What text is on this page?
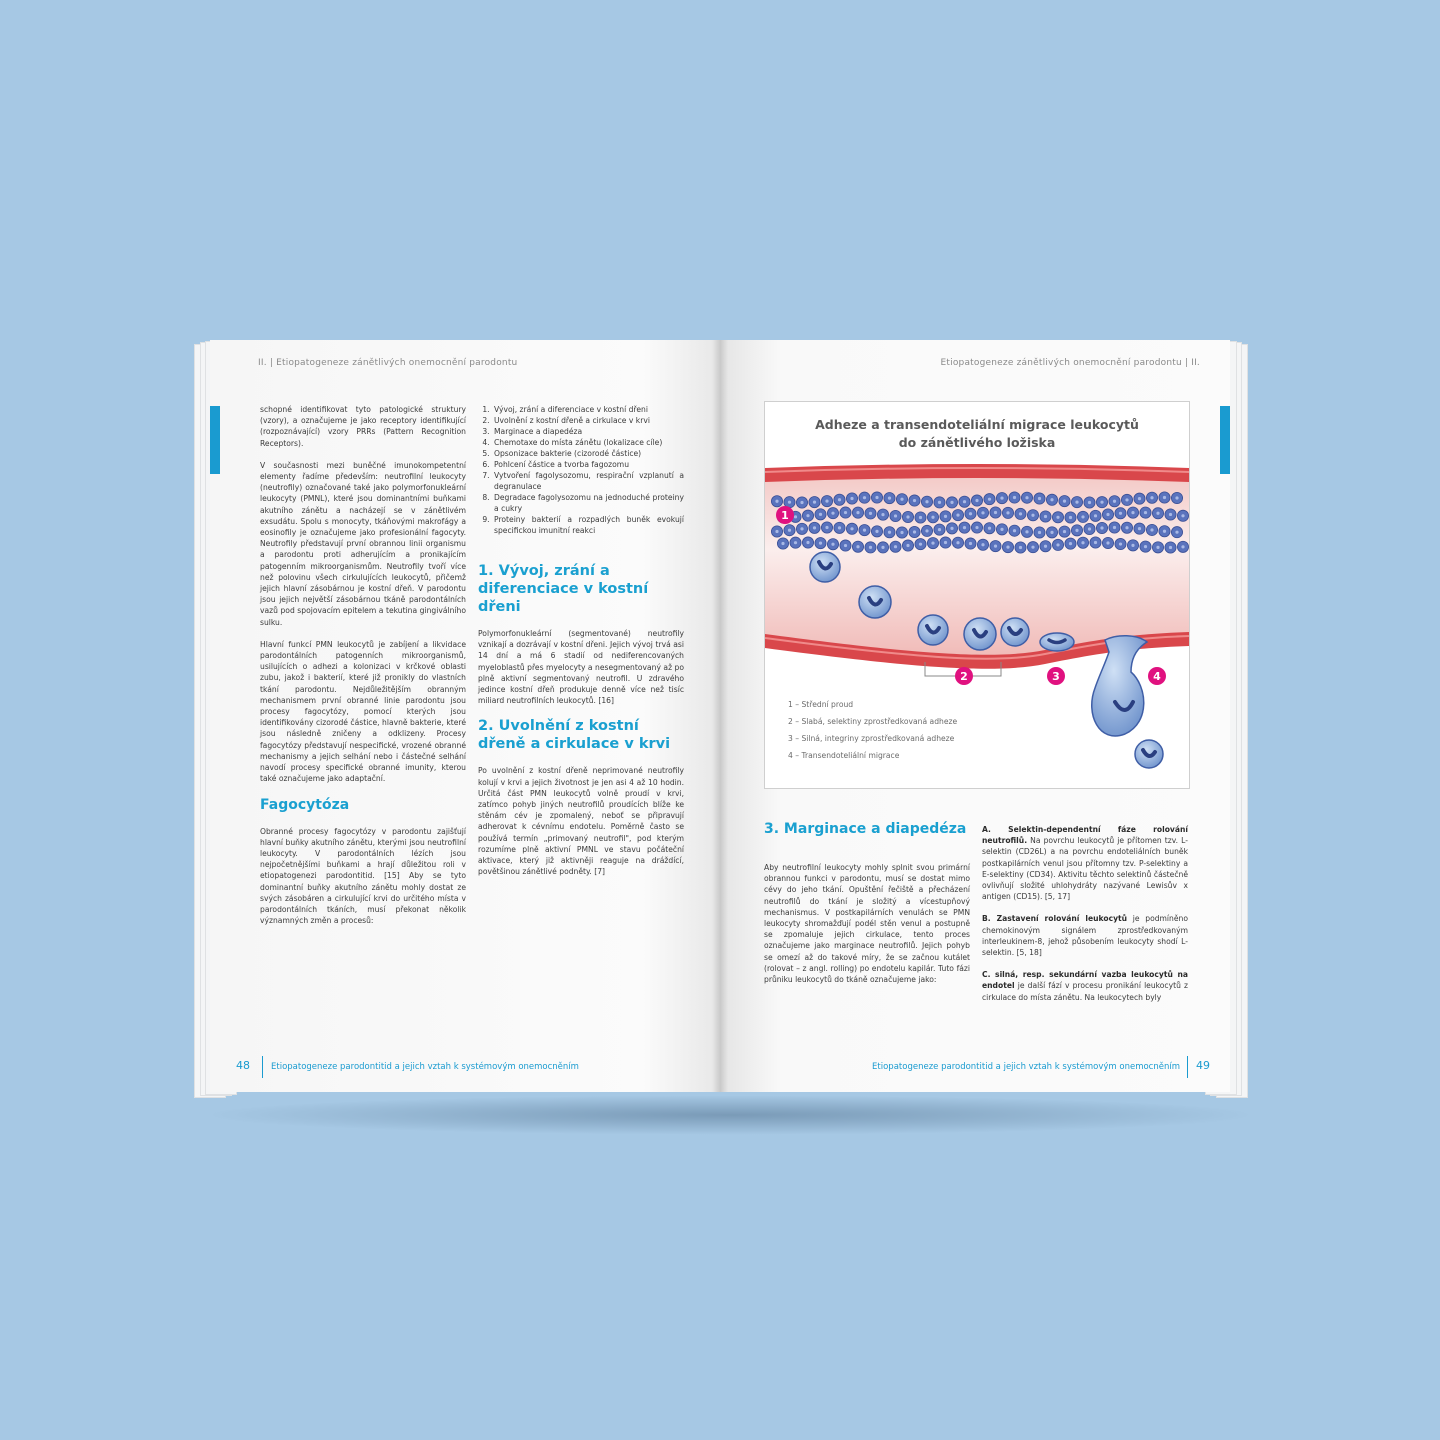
II. | Etiopatogeneze zánětlivých onemocnění parodontu

schopné identifikovat tyto patologické struktury (vzory), a označujeme je jako receptory identifikující (rozpoznávající) vzory PRRs (Pattern Recognition Receptors).

V současnosti mezi buněčné imunokompetentní elementy řadíme především: neutrofilní leukocyty (neutrofily) označované také jako polymorfonukleární leukocyty (PMNL), které jsou dominantními buňkami akutního zánětu a nacházejí se v zánětlivém exsudátu. Spolu s monocyty, tkáňovými makrofágy a eosinofily je označujeme jako profesionální fagocyty. Neutrofily představují první obrannou linii organismu a parodontu proti adherujícím a pronikajícím patogenním mikroorganismům. Neutrofily tvoří více než polovinu všech cirkulujících leukocytů, přičemž jejich hlavní zásobárnou je kostní dřeň. V parodontu jsou jejich největší zásobárnou tkáně parodontálních vazů pod spojovacím epitelem a tekutina gingiválního sulku.

Hlavní funkcí PMN leukocytů je zabíjení a likvidace parodontálních patogenních mikroorganismů, usilujících o adhezi a kolonizaci v krčkové oblasti zubu, jakož i bakterií, které již pronikly do vlastních tkání parodontu. Nejdůležitějším obranným mechanismem první obranné linie parodontu jsou procesy fagocytózy, pomocí kterých jsou identifikovány cizorodé částice, hlavně bakterie, které jsou následně zničeny a odklizeny. Procesy fagocytózy představují nespecifické, vrozené obranné mechanismy a jejich selhání nebo i částečné selhání navodí procesy specifické obranné imunity, kterou také označujeme jako adaptační.

Fagocytóza

Obranné procesy fagocytózy v parodontu zajišťují hlavní buňky akutního zánětu, kterými jsou neutrofilní leukocyty. V parodontálních lézích jsou nejpočetnějšími buňkami a hrají důležitou roli v etiopatogenezi parodontitid. [15] Aby se tyto dominantní buňky akutního zánětu mohly dostat ze svých zásobáren a cirkulující krvi do určitého místa v parodontálních tkáních, musí překonat několik významných změn a procesů:

1. Vývoj, zrání a diferenciace v kostní dřeni
2. Uvolnění z kostní dřeně a cirkulace v krvi
3. Marginace a diapedéza
4. Chemotaxe do místa zánětu (lokalizace cíle)
5. Opsonizace bakterie (cizorodé částice)
6. Pohlcení částice a tvorba fagozomu
7. Vytvoření fagolysozomu, respirační vzplanutí a degranulace
8. Degradace fagolysozomu na jednoduché proteiny a cukry
9. Proteiny bakterií a rozpadlých buněk evokují specifickou imunitní reakci
1. Vývoj, zrání a diferenciace v kostní dřeni

Polymorfonukleární (segmentované) neutrofily vznikají a dozrávají v kostní dřeni. Jejich vývoj trvá asi 14 dní a má 6 stadií od nediferencovaných myeloblastů přes myelocyty a nesegmentovaný až po plně aktivní segmentovaný neutrofil. U zdravého jedince kostní dřeň produkuje denně více než tisíc miliard neutrofilních leukocytů. [16]

2. Uvolnění z kostní dřeně a cirkulace v krvi

Po uvolnění z kostní dřeně neprimované neutrofily kolují v krvi a jejich životnost je jen asi 4 až 10 hodin. Určitá část PMN leukocytů volně proudí v krvi, zatímco pohyb jiných neutrofilů proudících blíže ke stěnám cév je zpomalený, neboť se připravují adherovat k cévnímu endotelu. Poměrně často se používá termín „primovaný neutrofil", pod kterým rozumíme plně aktivní PMNL ve stavu počáteční aktivace, který již aktivněji reaguje na dráždící, povětšinou zánětlivé podněty. [7]

48 Etiopatogeneze parodontitid a jejich vztah k systémovým onemocněním
Etiopatogeneze zánětlivých onemocnění parodontu | II.
Adheze a transendoteliální migrace leukocytů
do zánětlivého ložiska
1
2	3	4
1 – Střední proud
2 – Slabá, selektiny zprostředkovaná adheze
3 – Silná, integriny zprostředkovaná adheze
4 – Transendoteliální migrace
3. Marginace a diapedéza

Aby neutrofilní leukocyty mohly splnit svou primární obrannou funkci v parodontu, musí se dostat mimo cévy do jeho tkání. Opuštění řečiště a přecházení neutrofilů do tkání je složitý a vícestupňový mechanismus. V postkapilárních venulách se PMN leukocyty shromažďují podél stěn venul a postupně se zpomaluje jejich cirkulace, tento proces označujeme jako marginace neutrofilů. Jejich pohyb se omezí až do takové míry, že se začnou kutálet (rolovat – z angl. rolling) po endotelu kapilár. Tuto fázi průniku leukocytů do tkáně označujeme jako:

A. Selektin-dependentní fáze rolování neutrofilů. Na povrchu leukocytů je přítomen tzv. L-selektin (CD26L) a na povrchu endoteliálních buněk postkapilárních venul jsou přítomny tzv. P-selektiny a E-selektiny (CD34). Aktivitu těchto selektinů částečně ovlivňují složité uhlohydráty nazývané Lewisův x antigen (CD15). [5, 17]

B. Zastavení rolování leukocytů je podmíněno chemokinovým signálem zprostředkovaným interleukinem-8, jehož působením leukocyty shodí L-selektin. [5, 18]

C. silná, resp. sekundární vazba leukocytů na endotel je další fází v procesu pronikání leukocytů z cirkulace do místa zánětu. Na leukocytech byly

Etiopatogeneze parodontitid a jejich vztah k systémovým onemocněním 49
